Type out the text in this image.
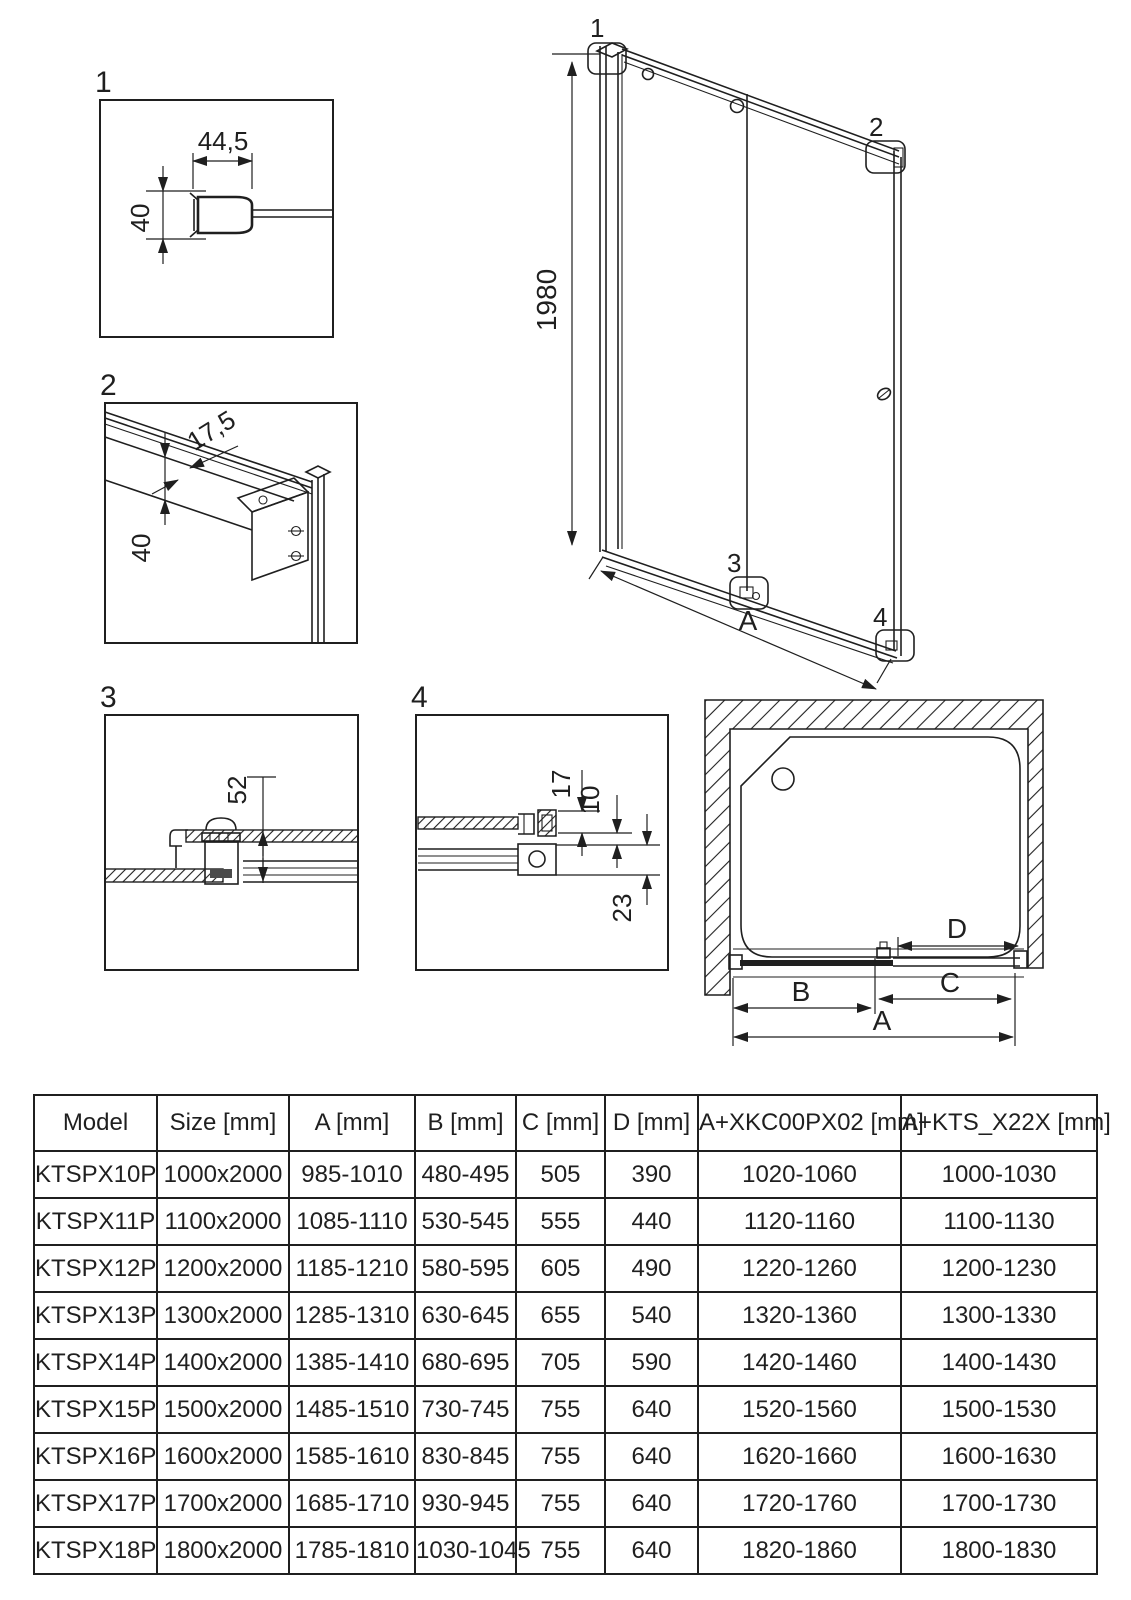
1
44,5
40
2
17,5
40
3
52
4
17
10
23
1
2
3
4
1980
A
D
B	C
A
Model	Size [mm]	A [mm]	B [mm]	C [mm]	D [mm]	A+XKC00PX02 [mm]	A+KTS_X22X [mm]
KTSPX10P	1000x2000	985-1010	480-495	505	390	1020-1060	1000-1030
KTSPX11P	1100x2000	1085-1110	530-545	555	440	1120-1160	1100-1130
KTSPX12P	1200x2000	1185-1210	580-595	605	490	1220-1260	1200-1230
KTSPX13P	1300x2000	1285-1310	630-645	655	540	1320-1360	1300-1330
KTSPX14P	1400x2000	1385-1410	680-695	705	590	1420-1460	1400-1430
KTSPX15P	1500x2000	1485-1510	730-745	755	640	1520-1560	1500-1530
KTSPX16P	1600x2000	1585-1610	830-845	755	640	1620-1660	1600-1630
KTSPX17P	1700x2000	1685-1710	930-945	755	640	1720-1760	1700-1730
KTSPX18P	1800x2000	1785-1810	1030-1045	755	640	1820-1860	1800-1830
